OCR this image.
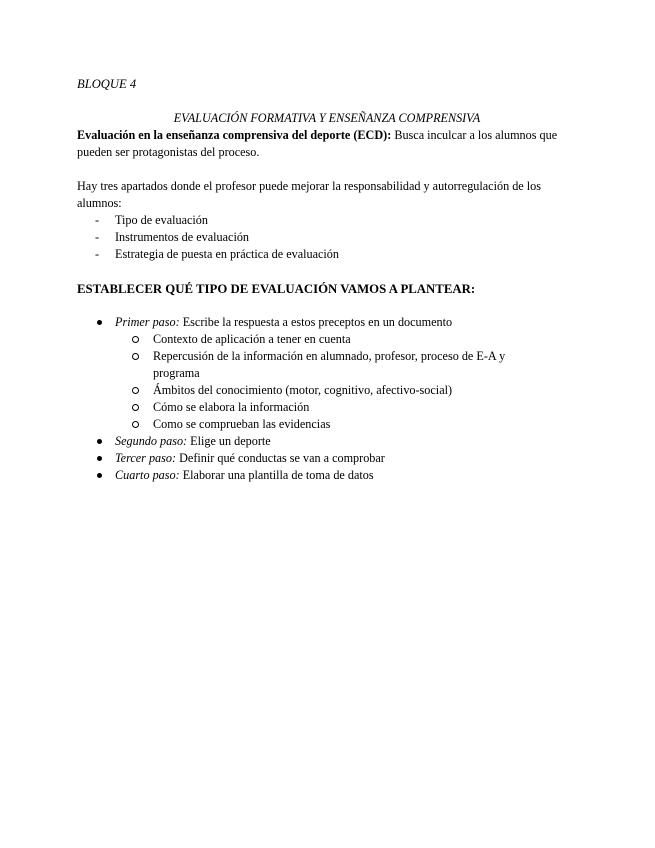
BLOQUE 4
EVALUACIÓN FORMATIVA Y ENSEÑANZA COMPRENSIVA
Evaluación en la enseñanza comprensiva del deporte (ECD): Busca inculcar a los alumnos que pueden ser protagonistas del proceso.
Hay tres apartados donde el profesor puede mejorar la responsabilidad y autorregulación de los alumnos:
- Tipo de evaluación
- Instrumentos de evaluación
- Estrategia de puesta en práctica de evaluación
ESTABLECER QUÉ TIPO DE EVALUACIÓN VAMOS A PLANTEAR:
Primer paso: Escribe la respuesta a estos preceptos en un documento
Contexto de aplicación a tener en cuenta
Repercusión de la información en alumnado, profesor, proceso de E-A y programa
Ámbitos del conocimiento (motor, cognitivo, afectivo-social)
Cómo se elabora la información
Como se comprueban las evidencias
Segundo paso: Elige un deporte
Tercer paso: Definir qué conductas se van a comprobar
Cuarto paso: Elaborar una plantilla de toma de datos
